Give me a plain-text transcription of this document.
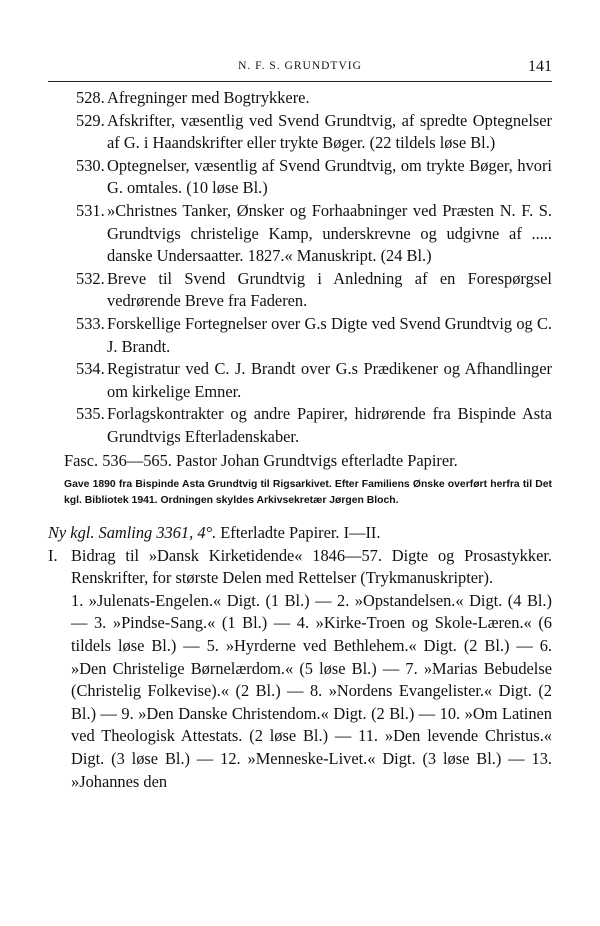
N. F. S. GRUNDTVIG	141
528. Afregninger med Bogtrykkere.
529. Afskrifter, væsentlig ved Svend Grundtvig, af spredte Optegnelser af G. i Haandskrifter eller trykte Bøger. (22 tildels løse Bl.)
530. Optegnelser, væsentlig af Svend Grundtvig, om trykte Bøger, hvori G. omtales. (10 løse Bl.)
531. »Christnes Tanker, Ønsker og Forhaabninger ved Præsten N. F. S. Grundtvigs christelige Kamp, underskrevne og udgivne af ..... danske Undersaatter. 1827.« Manuskript. (24 Bl.)
532. Breve til Svend Grundtvig i Anledning af en Forespørgsel vedrørende Breve fra Faderen.
533. Forskellige Fortegnelser over G.s Digte ved Svend Grundtvig og C. J. Brandt.
534. Registratur ved C. J. Brandt over G.s Prædikener og Afhandlinger om kirkelige Emner.
535. Forlagskontrakter og andre Papirer, hidrørende fra Bispinde Asta Grundtvigs Efterladenskaber.
Fasc. 536—565. Pastor Johan Grundtvigs efterladte Papirer.
Gave 1890 fra Bispinde Asta Grundtvig til Rigsarkivet. Efter Familiens Ønske overført herfra til Det kgl. Bibliotek 1941. Ordningen skyldes Arkivsekretær Jørgen Bloch.
Ny kgl. Samling 3361, 4°. Efterladte Papirer. I—II.
I. Bidrag til »Dansk Kirketidende« 1846—57. Digte og Prosastykker. Renskrifter, for største Delen med Rettelser (Trykmanuskripter).
1. »Julenats-Engelen.« Digt. (1 Bl.) — 2. »Opstandelsen.« Digt. (4 Bl.) — 3. »Pindse-Sang.« (1 Bl.) — 4. »Kirke-Troen og Skole-Læren.« (6 tildels løse Bl.) — 5. »Hyrderne ved Bethlehem.« Digt. (2 Bl.) — 6. »Den Christelige Børnelærdom.« (5 løse Bl.) — 7. »Marias Bebudelse (Christelig Folkevise).« (2 Bl.) — 8. »Nordens Evangelister.« Digt. (2 Bl.) — 9. »Den Danske Christendom.« Digt. (2 Bl.) — 10. »Om Latinen ved Theologisk Attestats. (2 løse Bl.) — 11. »Den levende Christus.« Digt. (3 løse Bl.) — 12. »Menneske-Livet.« Digt. (3 løse Bl.) — 13. »Johannes den
